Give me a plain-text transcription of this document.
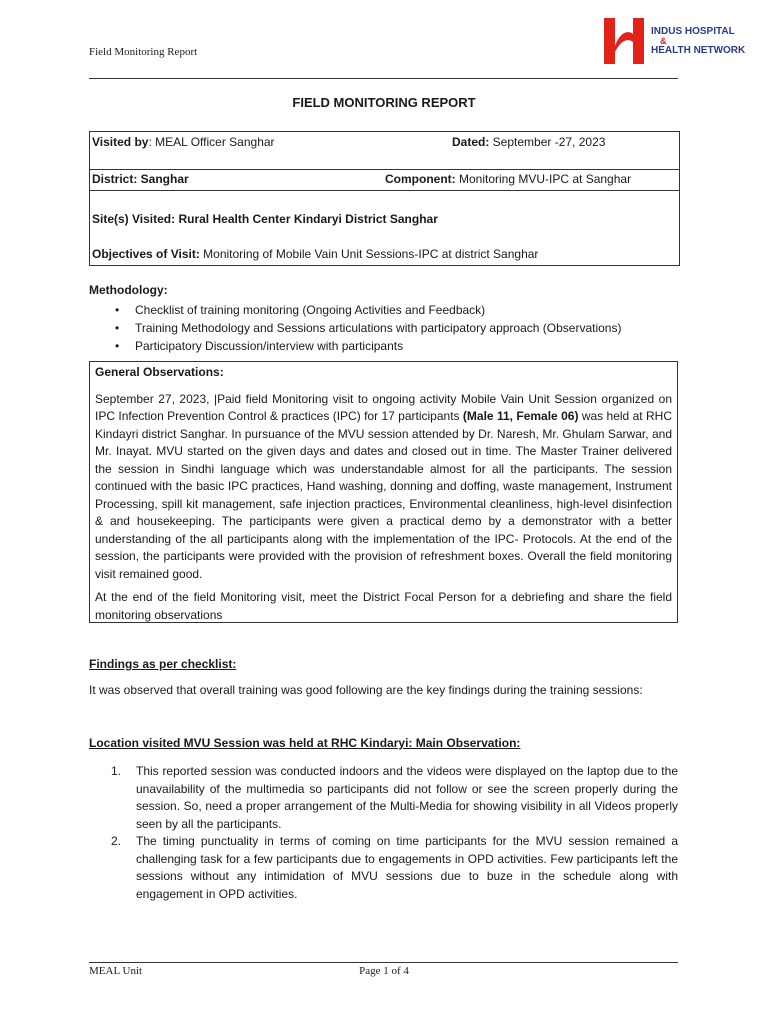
Field Monitoring Report
INDUS HOSPITAL
&
HEALTH NETWORK
FIELD MONITORING REPORT
Visited by: MEAL Officer Sanghar	Dated: September -27, 2023
District: Sanghar	Component: Monitoring MVU-IPC at Sanghar
Site(s) Visited: Rural Health Center Kindaryi District Sanghar
Objectives of Visit: Monitoring of Mobile Vain Unit Sessions-IPC at district Sanghar
Methodology:
• Checklist of training monitoring (Ongoing Activities and Feedback)
• Training Methodology and Sessions articulations with participatory approach (Observations)
• Participatory Discussion/interview with participants

General Observations:

September 27, 2023, |Paid field Monitoring visit to ongoing activity Mobile Vain Unit Session organized on IPC Infection Prevention Control & practices (IPC) for 17 participants (Male 11, Female 06) was held at RHC Kindayri district Sanghar. In pursuance of the MVU session attended by Dr. Naresh, Mr. Ghulam Sarwar, and Mr. Inayat. MVU started on the given days and dates and closed out in time. The Master Trainer delivered the session in Sindhi language which was understandable almost for all the participants. The session continued with the basic IPC practices, Hand washing, donning and doffing, waste management, Instrument Processing, spill kit management, safe injection practices, Environmental cleanliness, high-level disinfection & and housekeeping. The participants were given a practical demo by a demonstrator with a better understanding of the all participants along with the implementation of the IPC- Protocols. At the end of the session, the participants were provided with the provision of refreshment boxes. Overall the field monitoring visit remained good.

At the end of the field Monitoring visit, meet the District Focal Person for a debriefing and share the field monitoring observations

Findings as per checklist:

It was observed that overall training was good following are the key findings during the training sessions:

Location visited MVU Session was held at RHC Kindaryi: Main Observation:

1. This reported session was conducted indoors and the videos were displayed on the laptop due to the unavailability of the multimedia so participants did not follow or see the screen properly during the session. So, need a proper arrangement of the Multi-Media for showing visibility in all Videos properly seen by all the participants.
2. The timing punctuality in terms of coming on time participants for the MVU session remained a challenging task for a few participants due to engagements in OPD activities. Few participants left the sessions without any intimidation of MVU sessions due to buze in the schedule along with engagement in OPD activities.
MEAL Unit	Page 1 of 4
